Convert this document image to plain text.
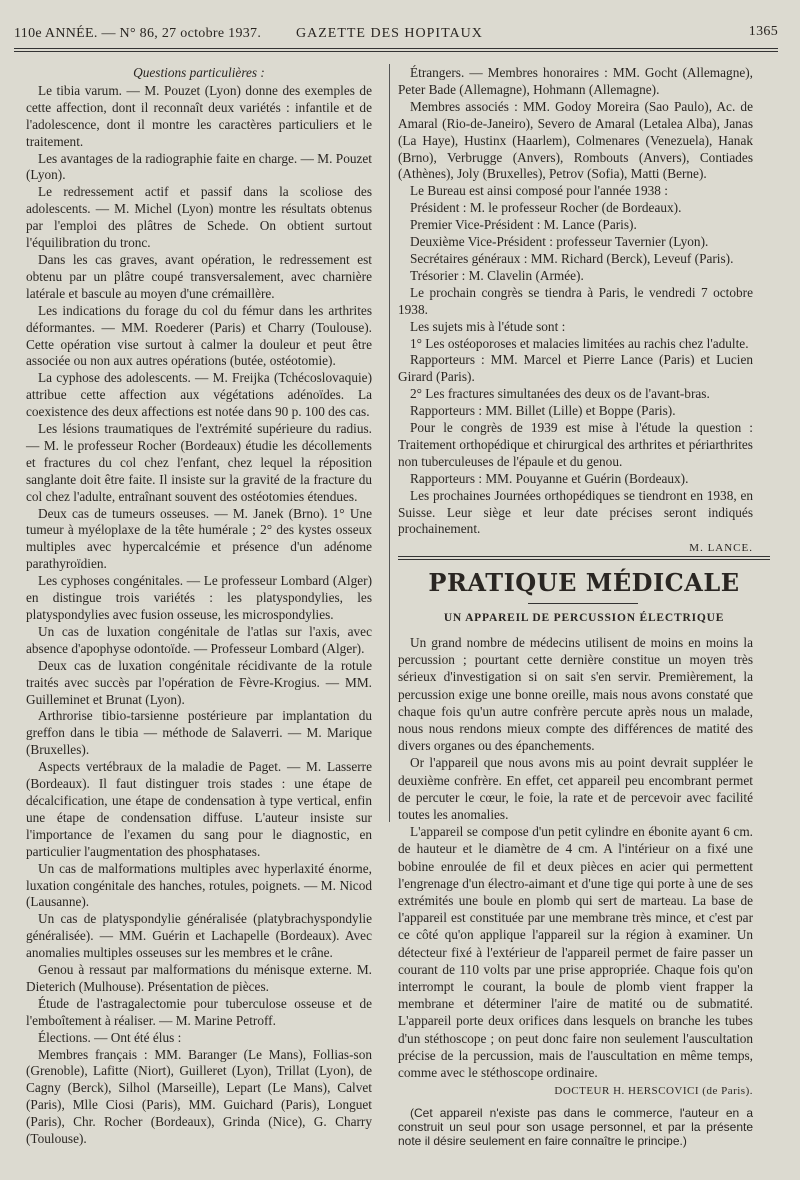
110e ANNÉE. — N° 86, 27 octobre 1937. GAZETTE DES HOPITAUX	1365

Questions particulières :

Le tibia varum. — M. Pouzet (Lyon) donne des exemples de cette affection, dont il reconnaît deux variétés : infantile et de l'adolescence, dont il montre les caractères particuliers et le traitement.

Les avantages de la radiographie faite en charge. — M. Pouzet (Lyon).

Le redressement actif et passif dans la scoliose des adolescents. — M. Michel (Lyon) montre les résultats obtenus par l'emploi des plâtres de Schede. On obtient surtout l'équilibration du tronc.

Dans les cas graves, avant opération, le redressement est obtenu par un plâtre coupé transversalement, avec charnière latérale et bascule au moyen d'une crémaillère.

Les indications du forage du col du fémur dans les arthrites déformantes. — MM. Roederer (Paris) et Charry (Toulouse). Cette opération vise surtout à calmer la douleur et peut être associée ou non aux autres opérations (butée, ostéotomie).

La cyphose des adolescents. — M. Freijka (Tchécoslovaquie) attribue cette affection aux végétations adénoïdes. La coexistence des deux affections est notée dans 90 p. 100 des cas.

Les lésions traumatiques de l'extrémité supérieure du radius. — M. le professeur Rocher (Bordeaux) étudie les décollements et fractures du col chez l'enfant, chez lequel la réposition sanglante doit être faite. Il insiste sur la gravité de la fracture du col chez l'adulte, entraînant souvent des ostéotomies étendues.

Deux cas de tumeurs osseuses. — M. Janek (Brno). 1° Une tumeur à myéloplaxe de la tête humérale ; 2° des kystes osseux multiples avec hypercalcémie et présence d'un adénome parathyroïdien.

Les cyphoses congénitales. — Le professeur Lombard (Alger) en distingue trois variétés : les platyspondylies, les platyspondylies avec fusion osseuse, les microspondylies.

Un cas de luxation congénitale de l'atlas sur l'axis, avec absence d'apophyse odontoïde. — Professeur Lombard (Alger).

Deux cas de luxation congénitale récidivante de la rotule traités avec succès par l'opération de Fèvre-Krogius. — MM. Guilleminet et Brunat (Lyon).

Arthrorise tibio-tarsienne postérieure par implantation du greffon dans le tibia — méthode de Salaverri. — M. Marique (Bruxelles).

Aspects vertébraux de la maladie de Paget. — M. Lasserre (Bordeaux). Il faut distinguer trois stades : une étape de décalcification, une étape de condensation à type vertical, enfin une étape de condensation diffuse. L'auteur insiste sur l'importance de l'examen du sang pour le diagnostic, en particulier l'augmentation des phosphatases.

Un cas de malformations multiples avec hyperlaxité énorme, luxation congénitale des hanches, rotules, poignets. — M. Nicod (Lausanne).

Un cas de platyspondylie généralisée (platybrachyspondylie généralisée). — MM. Guérin et Lachapelle (Bordeaux). Avec anomalies multiples osseuses sur les membres et le crâne.

Genou à ressaut par malformations du ménisque externe. M. Dieterich (Mulhouse). Présentation de pièces.

Étude de l'astragalectomie pour tuberculose osseuse et de l'emboîtement à réaliser. — M. Marine Petroff.

Élections. — Ont été élus :

Membres français : MM. Baranger (Le Mans), Follias-son (Grenoble), Lafitte (Niort), Guilleret (Lyon), Trillat (Lyon), de Cagny (Berck), Silhol (Marseille), Lepart (Le Mans), Calvet (Paris), Mlle Ciosi (Paris), MM. Guichard (Paris), Longuet (Paris), Chr. Rocher (Bordeaux), Grinda (Nice), G. Charry (Toulouse).

Étrangers. — Membres honoraires : MM. Gocht (Allemagne), Peter Bade (Allemagne), Hohmann (Allemagne).

Membres associés : MM. Godoy Moreira (Sao Paulo), Ac. de Amaral (Rio-de-Janeiro), Severo de Amaral (Letalea Alba), Janas (La Haye), Hustinx (Haarlem), Colmenares (Venezuela), Hanak (Brno), Verbrugge (Anvers), Rombouts (Anvers), Contiades (Athènes), Joly (Bruxelles), Petrov (Sofia), Matti (Berne).

Le Bureau est ainsi composé pour l'année 1938 :

Président : M. le professeur Rocher (de Bordeaux).

Premier Vice-Président : M. Lance (Paris).

Deuxième Vice-Président : professeur Tavernier (Lyon).

Secrétaires généraux : MM. Richard (Berck), Leveuf (Paris).

Trésorier : M. Clavelin (Armée).

Le prochain congrès se tiendra à Paris, le vendredi 7 octobre 1938.

Les sujets mis à l'étude sont :

1° Les ostéoporoses et malacies limitées au rachis chez l'adulte.

Rapporteurs : MM. Marcel et Pierre Lance (Paris) et Lucien Girard (Paris).

2° Les fractures simultanées des deux os de l'avant-bras.

Rapporteurs : MM. Billet (Lille) et Boppe (Paris).

Pour le congrès de 1939 est mise à l'étude la question : Traitement orthopédique et chirurgical des arthrites et périarthrites non tuberculeuses de l'épaule et du genou.

Rapporteurs : MM. Pouyanne et Guérin (Bordeaux).

Les prochaines Journées orthopédiques se tiendront en 1938, en Suisse. Leur siège et leur date précises seront indiqués prochainement.

M. LANCE.

PRATIQUE MÉDICALE
UN APPAREIL DE PERCUSSION ÉLECTRIQUE

Un grand nombre de médecins utilisent de moins en moins la percussion ; pourtant cette dernière constitue un moyen très sérieux d'investigation si on sait s'en servir. Premièrement, la percussion exige une bonne oreille, mais nous avons constaté que chaque fois qu'un autre confrère percute après nous un malade, nous nous rendons mieux compte des différences de matité des divers organes ou des épanchements.

Or l'appareil que nous avons mis au point devrait suppléer le deuxième confrère. En effet, cet appareil peu encombrant permet de percuter le cœur, le foie, la rate et de percevoir avec facilité toutes les anomalies.

L'appareil se compose d'un petit cylindre en ébonite ayant 6 cm. de hauteur et le diamètre de 4 cm. A l'intérieur on a fixé une bobine enroulée de fil et deux pièces en acier qui permettent l'engrenage d'un électro-aimant et d'une tige qui porte à une de ses extrémités une boule en plomb qui sert de marteau. La base de l'appareil est constituée par une membrane très mince, et c'est par ce côté qu'on applique l'appareil sur la région à examiner. Un détecteur fixé à l'extérieur de l'appareil permet de faire passer un courant de 110 volts par une prise appropriée. Chaque fois qu'on interrompt le courant, la boule de plomb vient frapper la membrane et déterminer l'aire de matité ou de submatité. L'appareil porte deux orifices dans lesquels on branche les tubes d'un stéthoscope ; on peut donc faire non seulement l'auscultation précise de la percussion, mais de l'auscultation en même temps, comme avec le stéthoscope ordinaire.

DOCTEUR H. HERSCOVICI (de Paris).

(Cet appareil n'existe pas dans le commerce, l'auteur en a construit un seul pour son usage personnel, et par la présente note il désire seulement en faire connaître le principe.)
